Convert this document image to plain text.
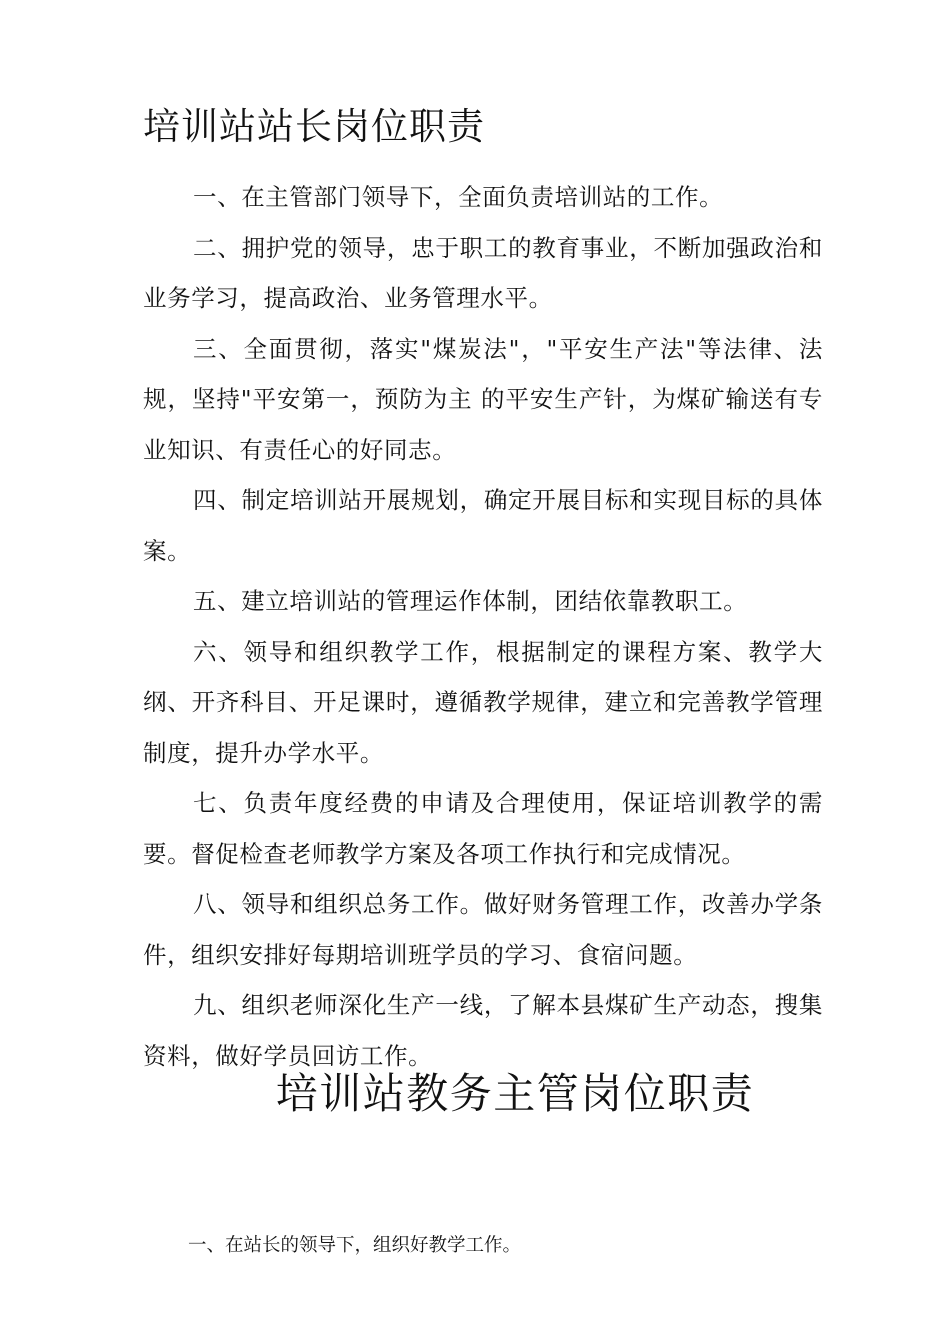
培训站站长岗位职责

一、在主管部门领导下，全面负责培训站的工作。

二、拥护党的领导，忠于职工的教育事业，不断加强政治和业务学习，提高政治、业务管理水平。

三、全面贯彻，落实"煤炭法"，"平安生产法"等法律、法规，坚持"平安第一，预防为主 的平安生产针，为煤矿输送有专业知识、有责任心的好同志。

四、制定培训站开展规划，确定开展目标和实现目标的具体案。

五、建立培训站的管理运作体制，团结依靠教职工。

六、领导和组织教学工作，根据制定的课程方案、教学大纲、开齐科目、开足课时，遵循教学规律，建立和完善教学管理制度，提升办学水平。

七、负责年度经费的申请及合理使用，保证培训教学的需要。督促检查老师教学方案及各项工作执行和完成情况。

八、领导和组织总务工作。做好财务管理工作，改善办学条件，组织安排好每期培训班学员的学习、食宿问题。

九、组织老师深化生产一线，了解本县煤矿生产动态，搜集资料，做好学员回访工作。

培训站教务主管岗位职责

一、在站长的领导下，组织好教学工作。
